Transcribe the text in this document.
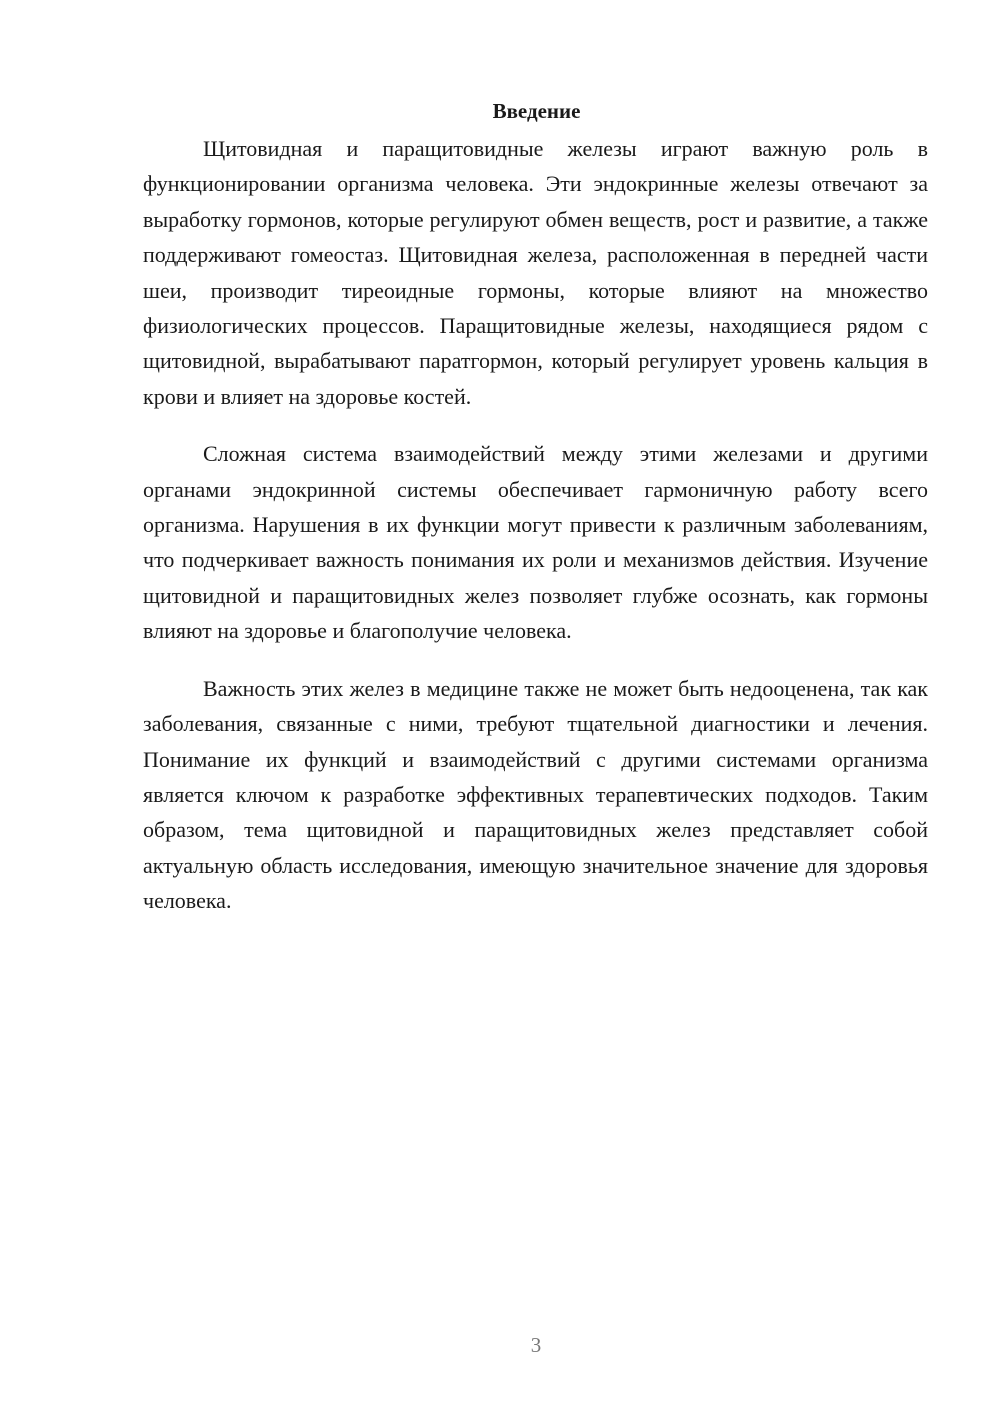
Введение

Щитовидная и паращитовидные железы играют важную роль в функционировании организма человека. Эти эндокринные железы отвечают за выработку гормонов, которые регулируют обмен веществ, рост и развитие, а также поддерживают гомеостаз. Щитовидная железа, расположенная в передней части шеи, производит тиреоидные гормоны, которые влияют на множество физиологических процессов. Паращитовидные железы, находящиеся рядом с щитовидной, вырабатывают паратгормон, который регулирует уровень кальция в крови и влияет на здоровье костей.

Сложная система взаимодействий между этими железами и другими органами эндокринной системы обеспечивает гармоничную работу всего организма. Нарушения в их функции могут привести к различным заболеваниям, что подчеркивает важность понимания их роли и механизмов действия. Изучение щитовидной и паращитовидных желез позволяет глубже осознать, как гормоны влияют на здоровье и благополучие человека.

Важность этих желез в медицине также не может быть недооценена, так как заболевания, связанные с ними, требуют тщательной диагностики и лечения. Понимание их функций и взаимодействий с другими системами организма является ключом к разработке эффективных терапевтических подходов. Таким образом, тема щитовидной и паращитовидных желез представляет собой актуальную область исследования, имеющую значительное значение для здоровья человека.

3
